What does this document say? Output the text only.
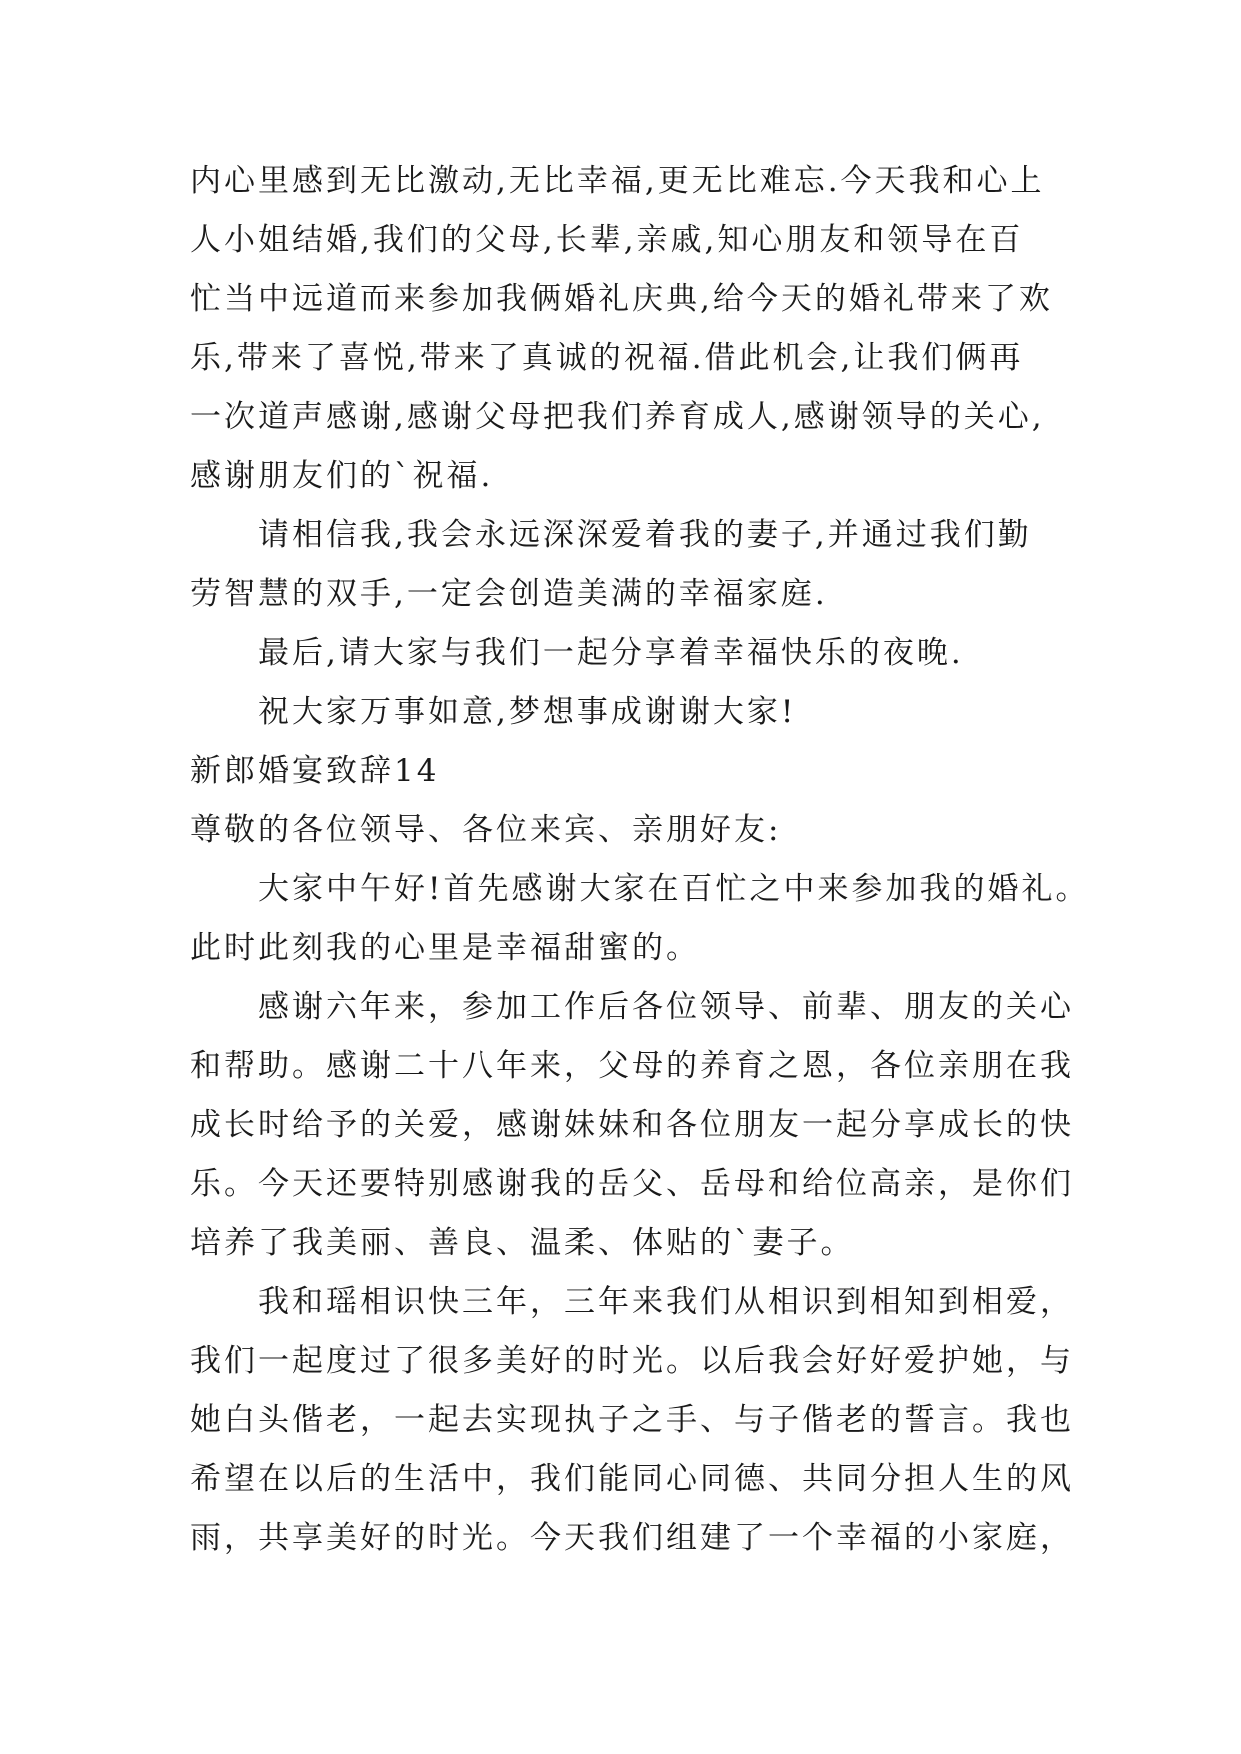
内心里感到无比激动,无比幸福,更无比难忘.今天我和心上
人小姐结婚,我们的父母,长辈,亲戚,知心朋友和领导在百
忙当中远道而来参加我俩婚礼庆典,给今天的婚礼带来了欢
乐,带来了喜悦,带来了真诚的祝福.借此机会,让我们俩再
一次道声感谢,感谢父母把我们养育成人,感谢领导的关心,
感谢朋友们的`祝福.
请相信我,我会永远深深爱着我的妻子,并通过我们勤
劳智慧的双手,一定会创造美满的幸福家庭.
最后,请大家与我们一起分享着幸福快乐的夜晚.
祝大家万事如意,梦想事成谢谢大家!
新郎婚宴致辞14
尊敬的各位领导、各位来宾、亲朋好友:
大家中午好!首先感谢大家在百忙之中来参加我的婚礼。
此时此刻我的心里是幸福甜蜜的。
感谢六年来，参加工作后各位领导、前辈、朋友的关心
和帮助。感谢二十八年来，父母的养育之恩，各位亲朋在我
成长时给予的关爱，感谢妹妹和各位朋友一起分享成长的快
乐。今天还要特别感谢我的岳父、岳母和给位高亲，是你们
培养了我美丽、善良、温柔、体贴的`妻子。
我和瑶相识快三年，三年来我们从相识到相知到相爱，
我们一起度过了很多美好的时光。以后我会好好爱护她，与
她白头偕老，一起去实现执子之手、与子偕老的誓言。我也
希望在以后的生活中，我们能同心同德、共同分担人生的风
雨，共享美好的时光。今天我们组建了一个幸福的小家庭，
